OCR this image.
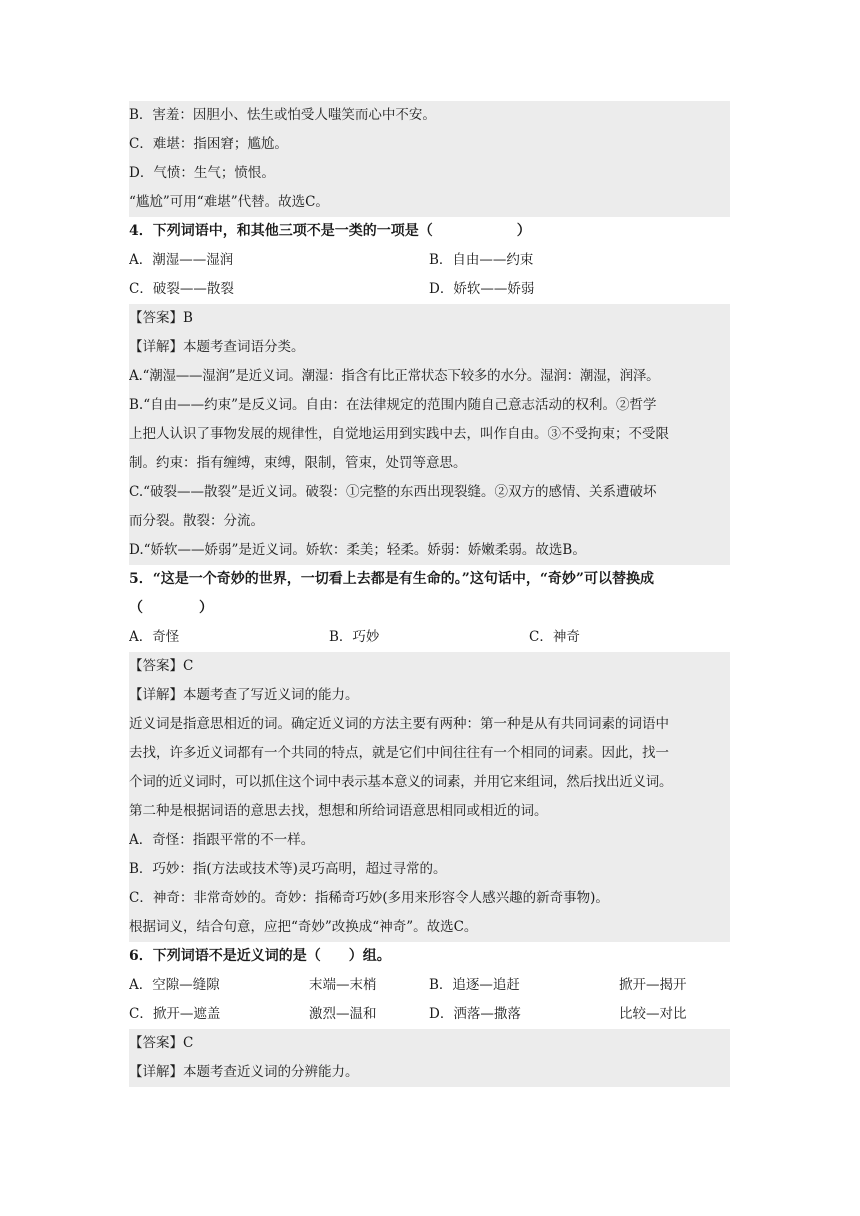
B．害羞：因胆小、怯生或怕受人嗤笑而心中不安。
C．难堪：指困窘；尴尬。
D．气愤：生气；愤恨。
“尴尬”可用“难堪”代替。故选C。
4．下列词语中，和其他三项不是一类的一项是（　　　　　　）
A．潮湿——湿润	B．自由——约束
C．破裂——散裂	D．娇软——娇弱
【答案】B
【详解】本题考查词语分类。
A.“潮湿——湿润”是近义词。潮湿：指含有比正常状态下较多的水分。湿润：潮湿，润泽。
B.“自由——约束”是反义词。自由：在法律规定的范围内随自己意志活动的权利。②哲学
上把人认识了事物发展的规律性，自觉地运用到实践中去，叫作自由。③不受拘束；不受限
制。约束：指有缠缚，束缚，限制，管束，处罚等意思。
C.“破裂——散裂”是近义词。破裂：①完整的东西出现裂缝。②双方的感情、关系遭破坏
而分裂。散裂：分流。
D.“娇软——娇弱”是近义词。娇软：柔美；轻柔。娇弱：娇嫩柔弱。故选B。
5．“这是一个奇妙的世界，一切看上去都是有生命的。”这句话中，“奇妙”可以替换成
（　　　　）
A．奇怪	B．巧妙	C．神奇
【答案】C
【详解】本题考查了写近义词的能力。
近义词是指意思相近的词。确定近义词的方法主要有两种：第一种是从有共同词素的词语中
去找，许多近义词都有一个共同的特点，就是它们中间往往有一个相同的词素。因此，找一
个词的近义词时，可以抓住这个词中表示基本意义的词素，并用它来组词，然后找出近义词。
第二种是根据词语的意思去找，想想和所给词语意思相同或相近的词。
A．奇怪：指跟平常的不一样。
B．巧妙：指(方法或技术等)灵巧高明，超过寻常的。
C．神奇：非常奇妙的。奇妙：指稀奇巧妙(多用来形容令人感兴趣的新奇事物)。
根据词义，结合句意，应把“奇妙”改换成“神奇”。故选C。
6．下列词语不是近义词的是（　　）组。
A．空隙—缝隙	末端—末梢	B．追逐—追赶	掀开—揭开
C．掀开—遮盖	激烈—温和	D．洒落—撒落	比较—对比
【答案】C
【详解】本题考查近义词的分辨能力。
